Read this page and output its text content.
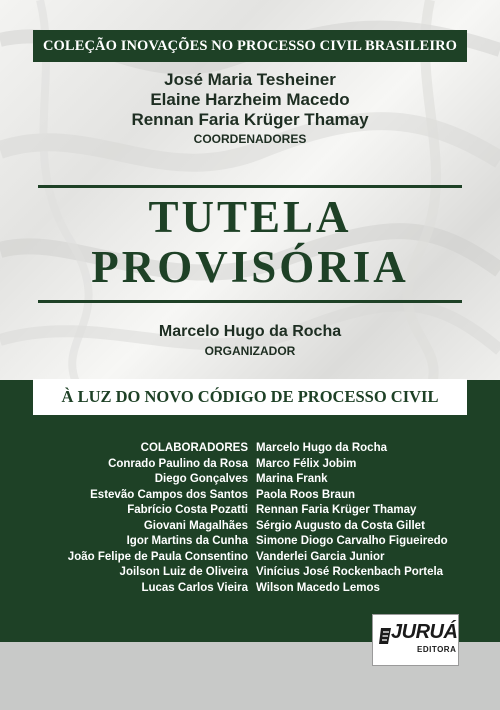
COLEÇÃO INOVAÇÕES NO PROCESSO CIVIL BRASILEIRO
José Maria Tesheiner
Elaine Harzheim Macedo
Rennan Faria Krüger Thamay
COORDENADORES
TUTELA
PROVISÓRIA
Marcelo Hugo da Rocha
ORGANIZADOR
À LUZ DO NOVO CÓDIGO DE PROCESSO CIVIL
COLABORADORES
Conrado Paulino da Rosa
Diego Gonçalves
Estevão Campos dos Santos
Fabrício Costa Pozatti
Giovani Magalhães
Igor Martins da Cunha
João Felipe de Paula Consentino
Joilson Luiz de Oliveira
Lucas Carlos Vieira
Marcelo Hugo da Rocha
Marco Félix Jobim
Marina Frank
Paola Roos Braun
Rennan Faria Krüger Thamay
Sérgio Augusto da Costa Gillet
Simone Diogo Carvalho Figueiredo
Vanderlei Garcia Junior
Vinícius José Rockenbach Portela
Wilson Macedo Lemos
JURUÁ
EDITORA
